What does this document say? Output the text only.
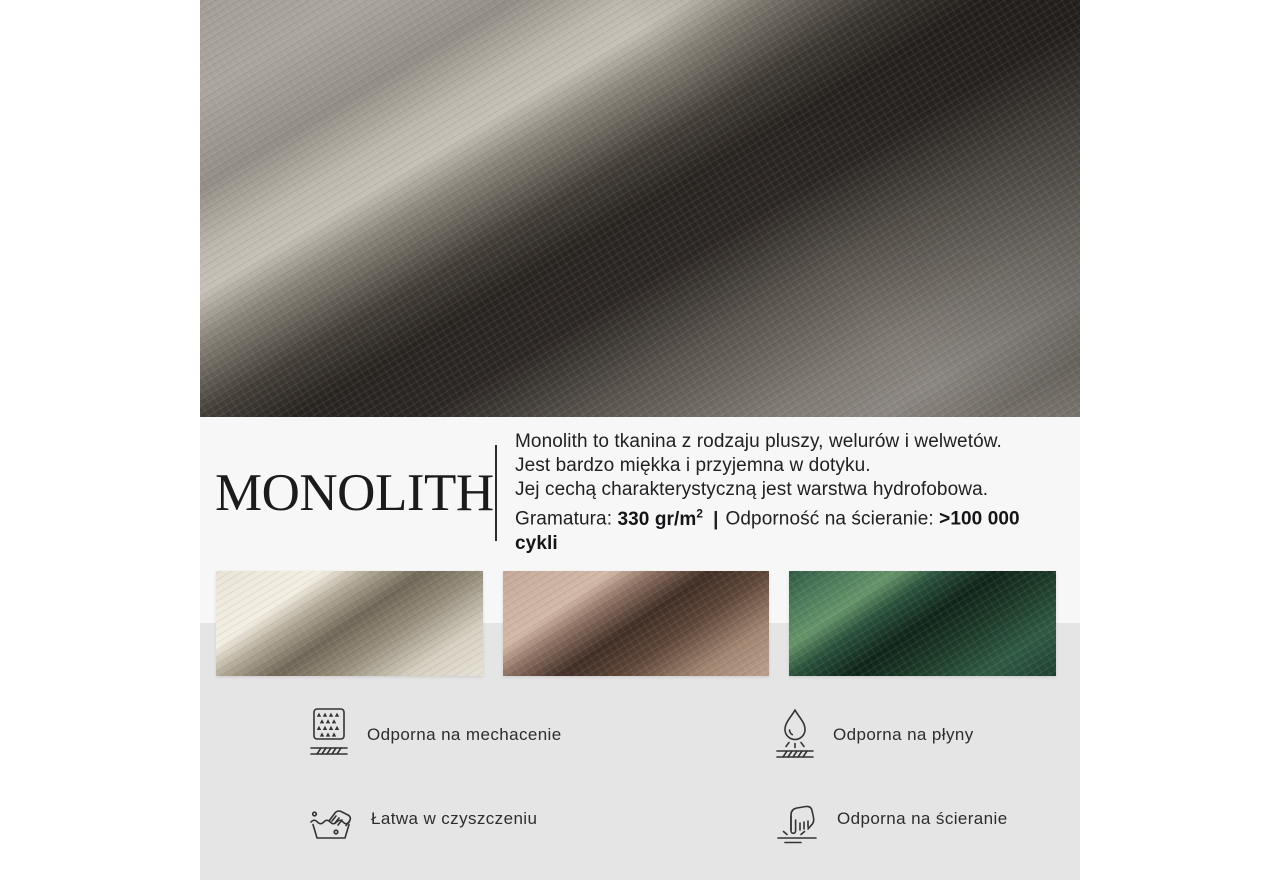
MONOLITH
Monolith to tkanina z rodzaju pluszy, welurów i welwetów.
Jest bardzo miękka i przyjemna w dotyku.
Jej cechą charakterystyczną jest warstwa hydrofobowa.
Gramatura: 330 $gr/m^2$ | Odporność na ścieranie: >100 000 cykli
Odporna na mechacenie	Odporna na płyny
Łatwa w czyszczeniu	Odporna na ścieranie
